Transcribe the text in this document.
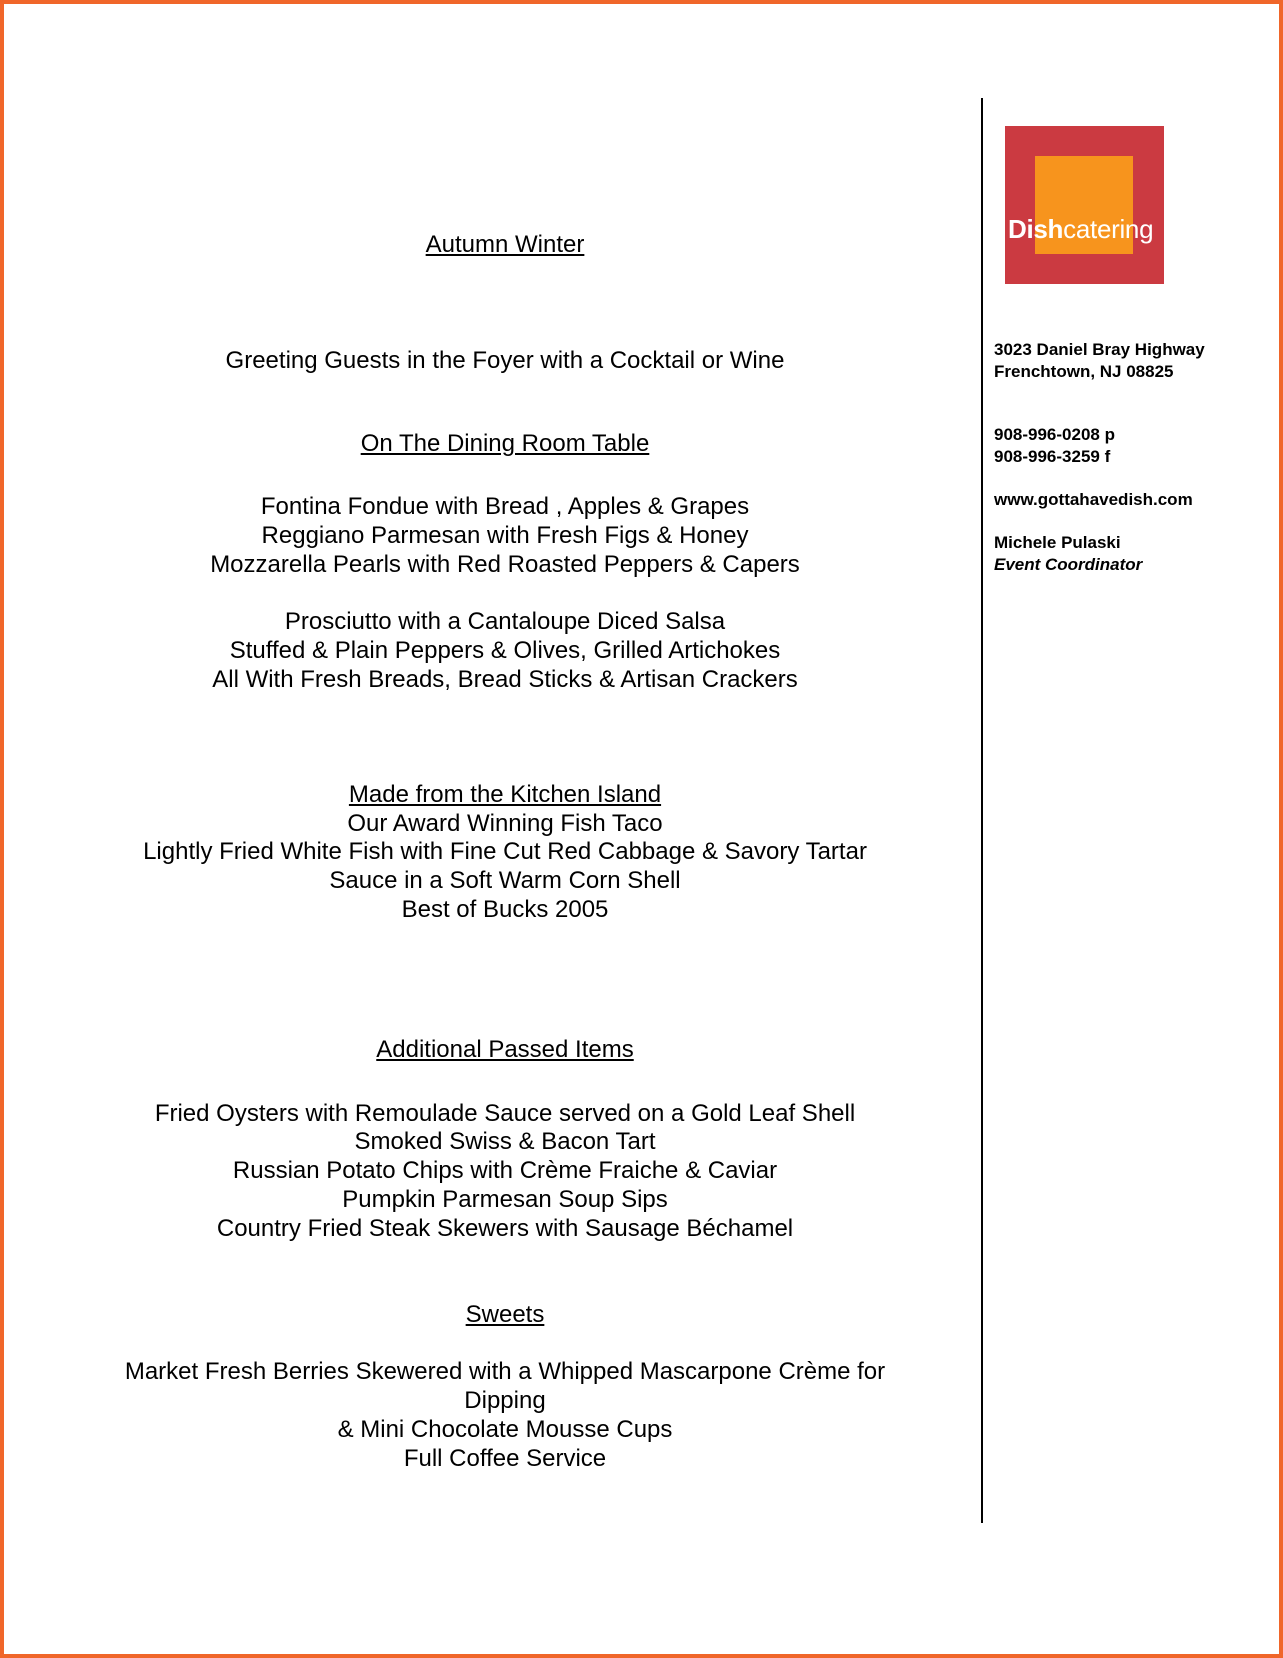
Autumn Winter
Greeting Guests in the Foyer with a Cocktail or Wine
On The Dining Room Table
Fontina Fondue with Bread , Apples & Grapes
Reggiano Parmesan with Fresh Figs & Honey
Mozzarella Pearls with Red Roasted Peppers & Capers
Prosciutto with a Cantaloupe Diced Salsa
Stuffed & Plain Peppers & Olives, Grilled Artichokes
All With Fresh Breads, Bread Sticks & Artisan Crackers
Made from the Kitchen Island
Our Award Winning Fish Taco
Lightly Fried White Fish with Fine Cut Red Cabbage & Savory Tartar
Sauce in a Soft Warm Corn Shell
Best of Bucks 2005
Additional Passed Items
Fried Oysters with Remoulade Sauce served on a Gold Leaf Shell
Smoked Swiss & Bacon Tart
Russian Potato Chips with Crème Fraiche & Caviar
Pumpkin Parmesan Soup Sips
Country Fried Steak Skewers with Sausage Béchamel
Sweets
Market Fresh Berries Skewered with a Whipped Mascarpone Crème for
Dipping
& Mini Chocolate Mousse Cups
Full Coffee Service
Dishcatering
3023 Daniel Bray Highway
Frenchtown, NJ 08825
908-996-0208 p
908-996-3259 f
www.gottahavedish.com
Michele Pulaski
Event Coordinator
